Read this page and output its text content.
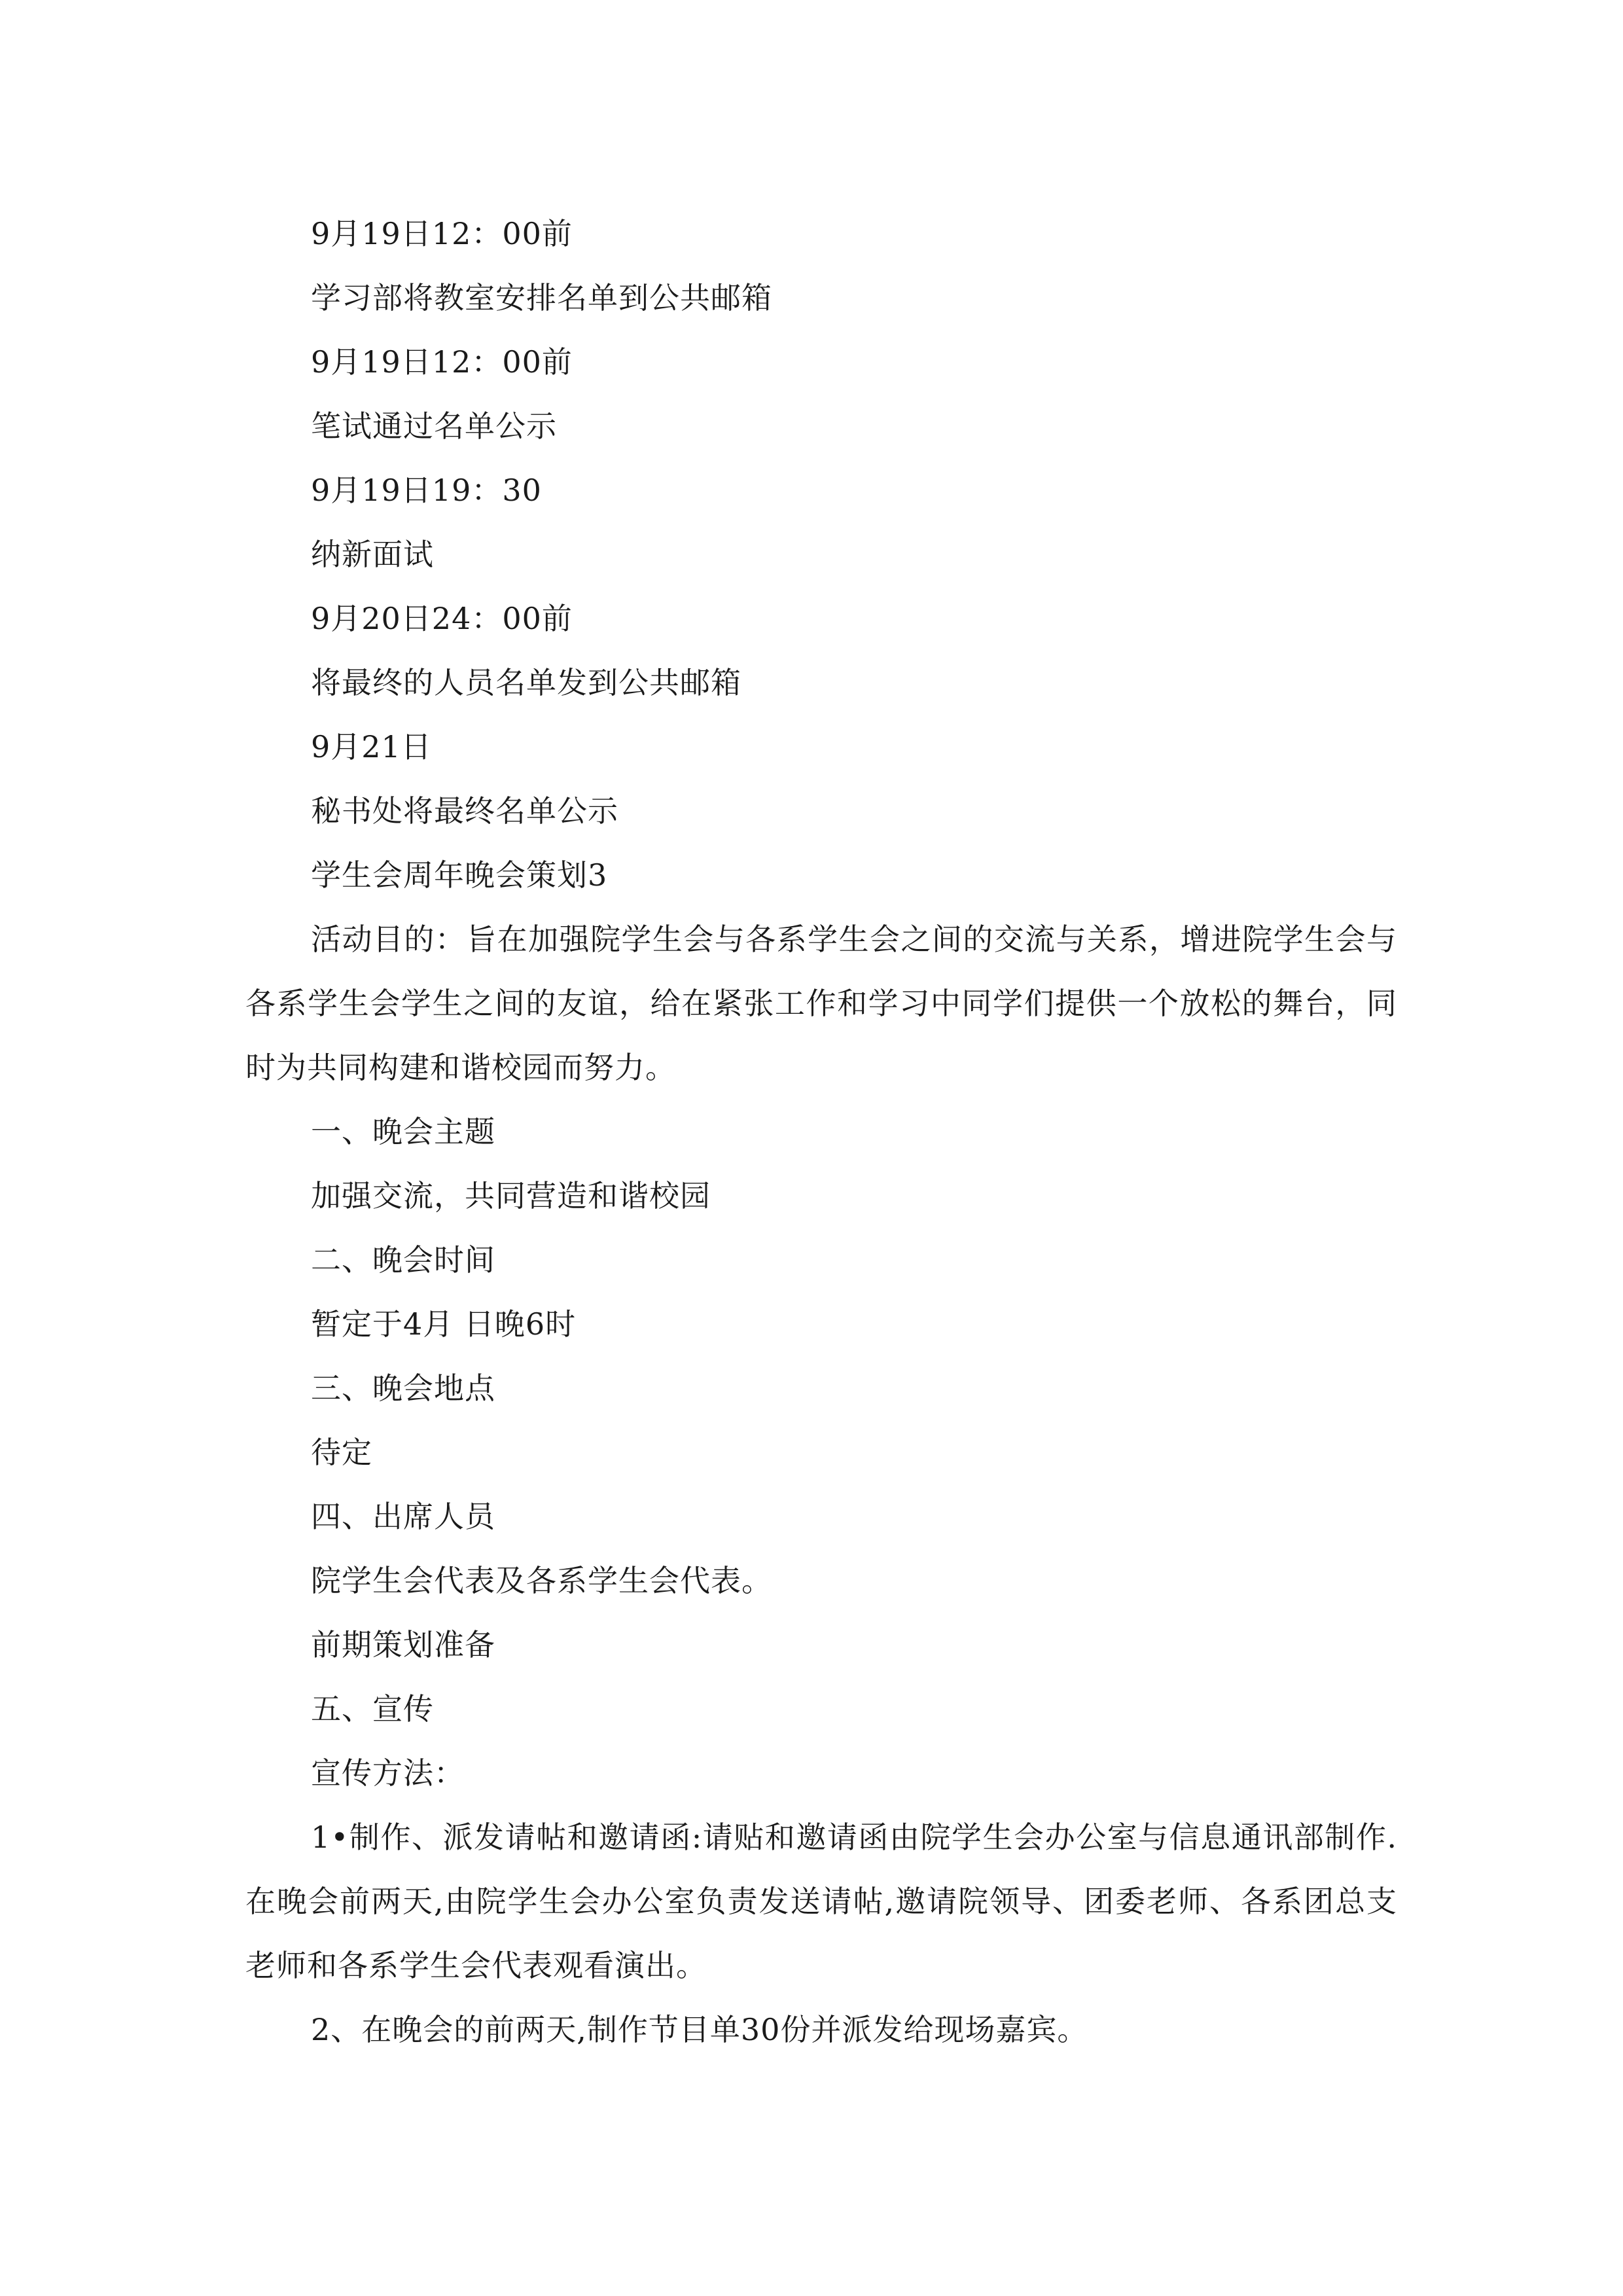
9月19日12：00前
学习部将教室安排名单到公共邮箱
9月19日12：00前
笔试通过名单公示
9月19日19：30
纳新面试
9月20日24：00前
将最终的人员名单发到公共邮箱
9月21日
秘书处将最终名单公示
学生会周年晚会策划3

活动目的：旨在加强院学生会与各系学生会之间的交流与关系，增进院学生会与各系学生会学生之间的友谊，给在紧张工作和学习中同学们提供一个放松的舞台，同时为共同构建和谐校园而努力。

一、晚会主题
加强交流，共同营造和谐校园
二、晚会时间
暂定于4月 日晚6时
三、晚会地点
待定
四、出席人员
院学生会代表及各系学生会代表。
前期策划准备
五、宣传
宣传方法：

1•制作、派发请帖和邀请函:请贴和邀请函由院学生会办公室与信息通讯部制作.在晚会前两天,由院学生会办公室负责发送请帖,邀请院领导、团委老师、各系团总支老师和各系学生会代表观看演出。

2、在晚会的前两天,制作节目单30份并派发给现场嘉宾。
